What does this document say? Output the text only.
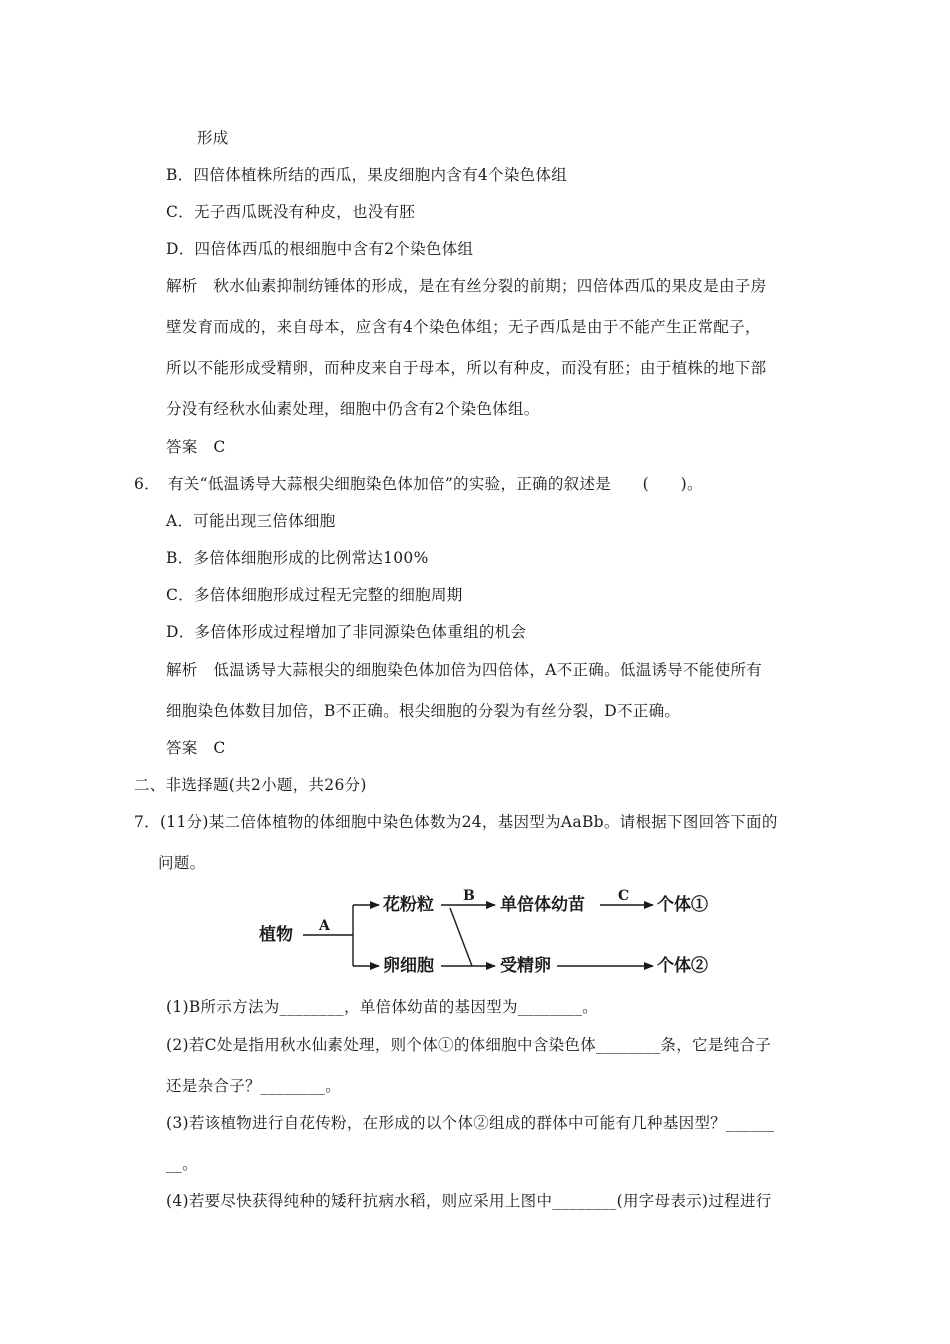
形成
B．四倍体植株所结的西瓜，果皮细胞内含有4个染色体组
C．无子西瓜既没有种皮，也没有胚
D．四倍体西瓜的根细胞中含有2个染色体组
解析　秋水仙素抑制纺锤体的形成，是在有丝分裂的前期；四倍体西瓜的果皮是由子房
壁发育而成的，来自母本，应含有4个染色体组；无子西瓜是由于不能产生正常配子，
所以不能形成受精卵，而种皮来自于母本，所以有种皮，而没有胚；由于植株的地下部
分没有经秋水仙素处理，细胞中仍含有2个染色体组。
答案　C
6．　有关“低温诱导大蒜根尖细胞染色体加倍”的实验，正确的叙述是　　(　　)。
A．可能出现三倍体细胞
B．多倍体细胞形成的比例常达100%
C．多倍体细胞形成过程无完整的细胞周期
D．多倍体形成过程增加了非同源染色体重组的机会
解析　低温诱导大蒜根尖的细胞染色体加倍为四倍体，A不正确。低温诱导不能使所有
细胞染色体数目加倍，B不正确。根尖细胞的分裂为有丝分裂，D不正确。
答案　C
二、非选择题(共2小题，共26分)
7．(11分)某二倍体植物的体细胞中染色体数为24，基因型为AaBb。请根据下图回答下面的
问题。
植物 A
花粉粒
卵细胞
B 单倍体幼苗
受精卵
C 个体①
个体②
(1)B所示方法为________，单倍体幼苗的基因型为________。
(2)若C处是指用秋水仙素处理，则个体①的体细胞中含染色体________条，它是纯合子
还是杂合子？________。
(3)若该植物进行自花传粉，在形成的以个体②组成的群体中可能有几种基因型？______
__。
(4)若要尽快获得纯种的矮秆抗病水稻，则应采用上图中________(用字母表示)过程进行
